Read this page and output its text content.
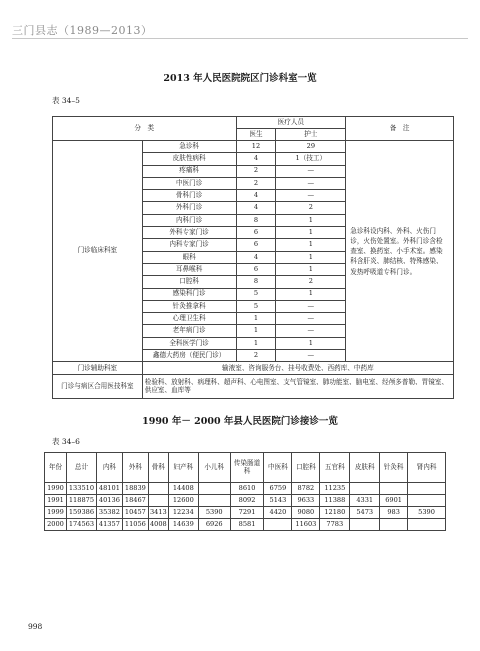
三门县志（1989—2013）
2013 年人民医院院区门诊科室一览
表 34–5
分　类		医疗人员		备　注
		医生	护士	
门诊临床科室	急诊科	12	29	急诊科设内科、外科、火伤门诊，火伤处置室。外科门诊含检查室、换药室、小手术室。感染科含肝炎、肺结核、特殊感染、发热呼吸道专科门诊。
	皮肤性病科	4	1（技工）	
	疼痛科	2	—	
	中医门诊	2	—	
	骨科门诊	4	—	
	外科门诊	4	2	
	内科门诊	8	1	
	外科专家门诊	6	1	
	内科专家门诊	6	1	
	眼科	4	1	
	耳鼻喉科	6	1	
	口腔科	8	2	
	感染科门诊	5	1	
	针灸推拿科	5	—	
	心理卫生科	1	—	
	老年病门诊	1	—	
	全科医学门诊	1	1	
	鑫德大药房（便民门诊）	2	—	
门诊辅助科室	输液室、咨询服务台、挂号收费处、西药库、中药库			
门诊与病区合用医技科室	检验科、放射科、病理科、超声科、心电图室、支气管镜室、肺功能室、脑电室、经颅多普勒、胃镜室、供应室、血库等			
1990 年－ 2000 年县人民医院门诊接诊一览
表 34–6
年份	总计	内科	外科	骨科	妇产科	小儿科	传染肠道科	中医科	口腔科	五官科	皮肤科	针灸科	肾内科
1990	133510	48101	18839		14408		8610	6759	8782	11235			
1991	118875	40136	18467		12600		8092	5143	9633	11388	4331	6901	
1999	159386	35382	10457	3413	12234	5390	7291	4420	9080	12180	5473	983	5390
2000	174563	41357	11056	4008	14639	6926	8581		11603	7783			
998
